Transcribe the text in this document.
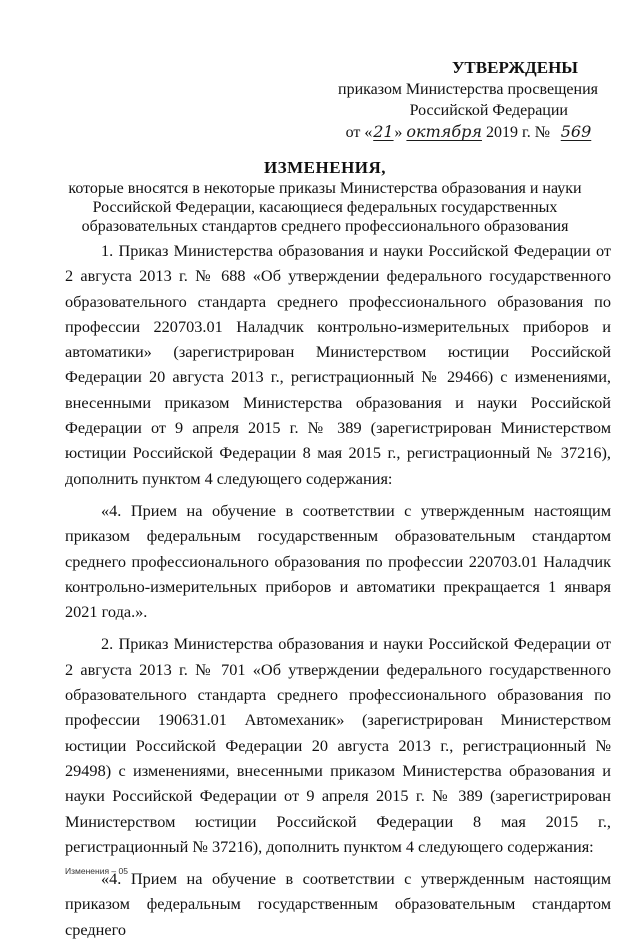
УТВЕРЖДЕНЫ
приказом Министерства просвещения
Российской Федерации
от «21» октября 2019 г. № 569
ИЗМЕНЕНИЯ,
которые вносятся в некоторые приказы Министерства образования и науки
Российской Федерации, касающиеся федеральных государственных
образовательных стандартов среднего профессионального образования

1. Приказ Министерства образования и науки Российской Федерации от 2 августа 2013 г. № 688 «Об утверждении федерального государственного образовательного стандарта среднего профессионального образования по профессии 220703.01 Наладчик контрольно-измерительных приборов и автоматики» (зарегистрирован Министерством юстиции Российской Федерации 20 августа 2013 г., регистрационный № 29466) с изменениями, внесенными приказом Министерства образования и науки Российской Федерации от 9 апреля 2015 г. № 389 (зарегистрирован Министерством юстиции Российской Федерации 8 мая 2015 г., регистрационный № 37216), дополнить пунктом 4 следующего содержания:

«4. Прием на обучение в соответствии с утвержденным настоящим приказом федеральным государственным образовательным стандартом среднего профессионального образования по профессии 220703.01 Наладчик контрольно-измерительных приборов и автоматики прекращается 1 января 2021 года.».

2. Приказ Министерства образования и науки Российской Федерации от 2 августа 2013 г. № 701 «Об утверждении федерального государственного образовательного стандарта среднего профессионального образования по профессии 190631.01 Автомеханик» (зарегистрирован Министерством юстиции Российской Федерации 20 августа 2013 г., регистрационный № 29498) с изменениями, внесенными приказом Министерства образования и науки Российской Федерации от 9 апреля 2015 г. № 389 (зарегистрирован Министерством юстиции Российской Федерации 8 мая 2015 г., регистрационный № 37216), дополнить пунктом 4 следующего содержания:

«4. Прием на обучение в соответствии с утвержденным настоящим приказом федеральным государственным образовательным стандартом среднего

Изменения – 05
